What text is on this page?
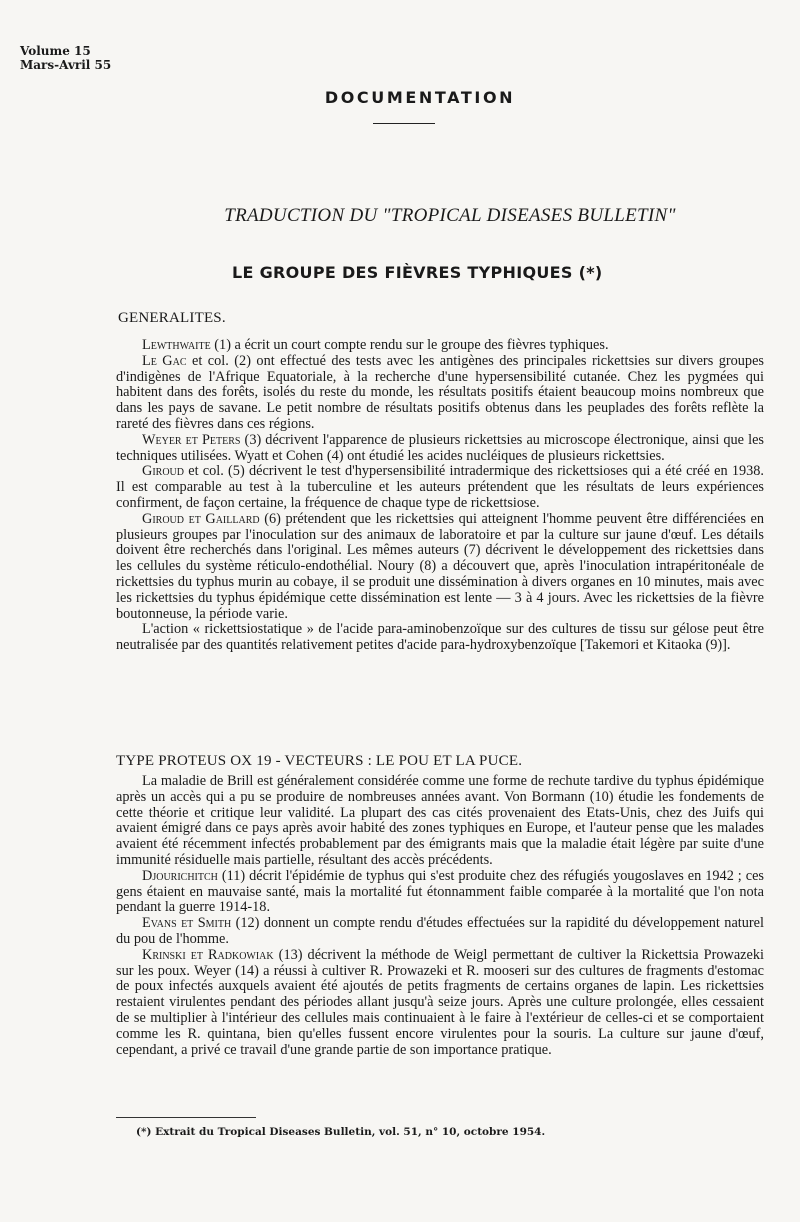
Volume 15
Mars-Avril 55
DOCUMENTATION
TRADUCTION DU "TROPICAL DISEASES BULLETIN"
LE GROUPE DES FIÈVRES TYPHIQUES (*)
GENERALITES.

Lewthwaite (1) a écrit un court compte rendu sur le groupe des fièvres typhiques.

Le Gac et col. (2) ont effectué des tests avec les antigènes des principales rickettsies sur divers groupes d'indigènes de l'Afrique Equatoriale, à la recherche d'une hypersensibilité cutanée. Chez les pygmées qui habitent dans des forêts, isolés du reste du monde, les résultats positifs étaient beaucoup moins nombreux que dans les pays de savane. Le petit nombre de résultats positifs obtenus dans les peuplades des forêts reflète la rareté des fièvres dans ces régions.

Weyer et Peters (3) décrivent l'apparence de plusieurs rickettsies au microscope électronique, ainsi que les techniques utilisées. Wyatt et Cohen (4) ont étudié les acides nucléiques de plusieurs rickettsies.

Giroud et col. (5) décrivent le test d'hypersensibilité intradermique des rickettsioses qui a été créé en 1938. Il est comparable au test à la tuberculine et les auteurs prétendent que les résultats de leurs expériences confirment, de façon certaine, la fréquence de chaque type de rickettsiose.

Giroud et Gaillard (6) prétendent que les rickettsies qui atteignent l'homme peuvent être différenciées en plusieurs groupes par l'inoculation sur des animaux de laboratoire et par la culture sur jaune d'œuf. Les détails doivent être recherchés dans l'original. Les mêmes auteurs (7) décrivent le développement des rickettsies dans les cellules du système réticulo-endothélial. Noury (8) a découvert que, après l'inoculation intrapéritonéale de rickettsies du typhus murin au cobaye, il se produit une dissémination à divers organes en 10 minutes, mais avec les rickettsies du typhus épidémique cette dissémination est lente — 3 à 4 jours. Avec les rickettsies de la fièvre boutonneuse, la période varie.

L'action « rickettsiostatique » de l'acide para-aminobenzoïque sur des cultures de tissu sur gélose peut être neutralisée par des quantités relativement petites d'acide para-hydroxybenzoïque [Takemori et Kitaoka (9)].

TYPE PROTEUS OX 19 - VECTEURS : LE POU ET LA PUCE.

La maladie de Brill est généralement considérée comme une forme de rechute tardive du typhus épidémique après un accès qui a pu se produire de nombreuses années avant. Von Bormann (10) étudie les fondements de cette théorie et critique leur validité. La plupart des cas cités provenaient des Etats-Unis, chez des Juifs qui avaient émigré dans ce pays après avoir habité des zones typhiques en Europe, et l'auteur pense que les malades avaient été récemment infectés probablement par des émigrants mais que la maladie était légère par suite d'une immunité résiduelle mais partielle, résultant des accès précédents.

Djourichitch (11) décrit l'épidémie de typhus qui s'est produite chez des réfugiés yougoslaves en 1942 ; ces gens étaient en mauvaise santé, mais la mortalité fut étonnamment faible comparée à la mortalité que l'on nota pendant la guerre 1914-18.

Evans et Smith (12) donnent un compte rendu d'études effectuées sur la rapidité du développement naturel du pou de l'homme.

Krinski et Radkowiak (13) décrivent la méthode de Weigl permettant de cultiver la Rickettsia Prowazeki sur les poux. Weyer (14) a réussi à cultiver R. Prowazeki et R. mooseri sur des cultures de fragments d'estomac de poux infectés auxquels avaient été ajoutés de petits fragments de certains organes de lapin. Les rickettsies restaient virulentes pendant des périodes allant jusqu'à seize jours. Après une culture prolongée, elles cessaient de se multiplier à l'intérieur des cellules mais continuaient à le faire à l'extérieur de celles-ci et se comportaient comme les R. quintana, bien qu'elles fussent encore virulentes pour la souris. La culture sur jaune d'œuf, cependant, a privé ce travail d'une grande partie de son importance pratique.

(*) Extrait du Tropical Diseases Bulletin, vol. 51, n° 10, octobre 1954.
